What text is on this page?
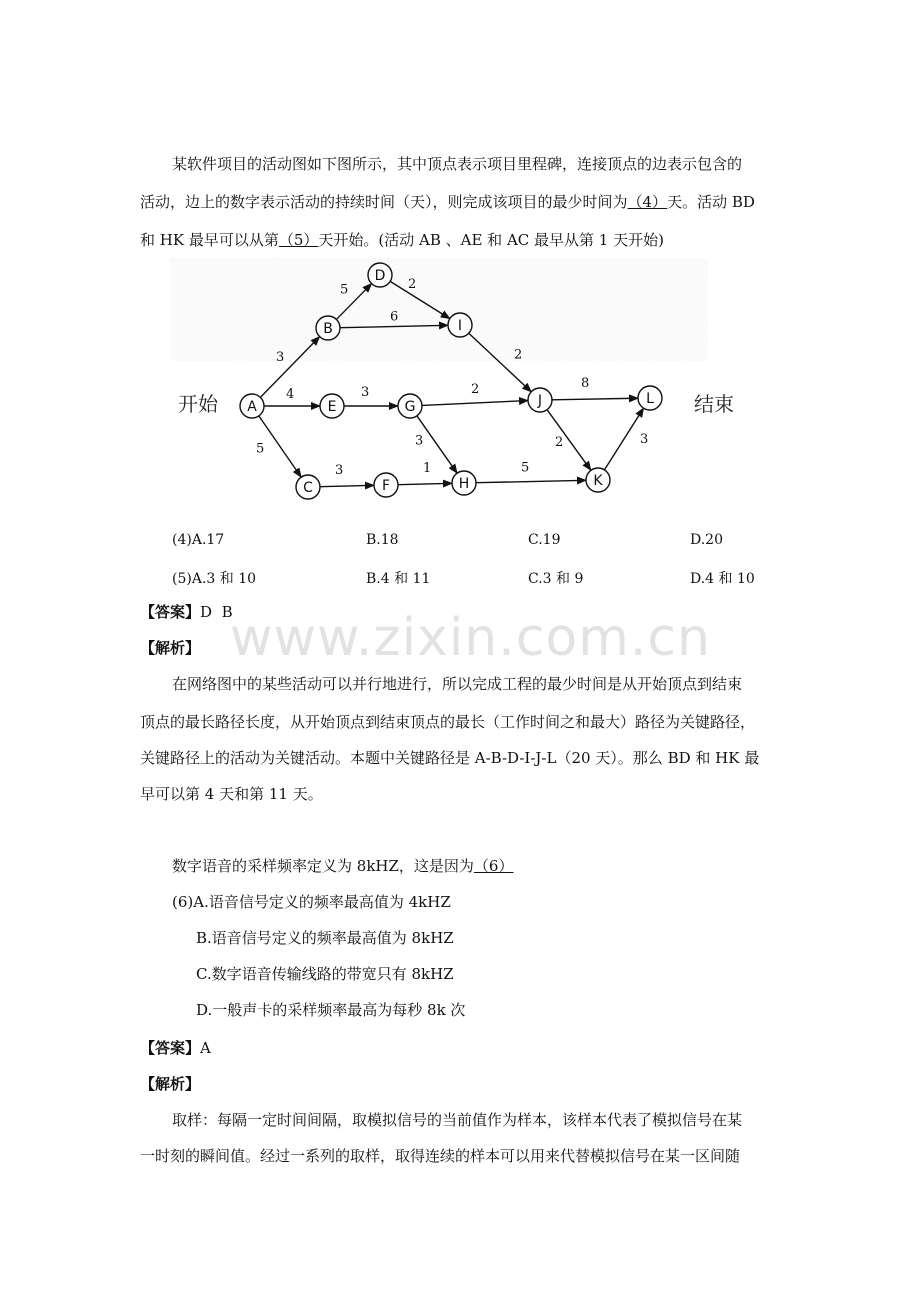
某软件项目的活动图如下图所示，其中顶点表示项目里程碑，连接顶点的边表示包含的
活动，边上的数字表示活动的持续时间（天），则完成该项目的最少时间为（4）天。活动 BD
和 HK 最早可以从第（5）天开始。(活动 AB 、AE 和 AC 最早从第 1 天开始)
开始	结束
3
4
5
5
6
2
3	2
3
3	1	5
2
8
2	3
A
B
C
D
E
F
G
H
I
J
K
L
(4)A.17	B.18	C.19	D.20
(5)A.3 和 10	B.4 和 11	C.3 和 9	D.4 和 10
www.zixin.com.cn
【答案】D  B
【解析】
在网络图中的某些活动可以并行地进行，所以完成工程的最少时间是从开始顶点到结束
顶点的最长路径长度，从开始顶点到结束顶点的最长（工作时间之和最大）路径为关键路径，
关键路径上的活动为关键活动。本题中关键路径是 A-B-D-I-J-L（20 天）。那么 BD 和 HK 最
早可以第 4 天和第 11 天。
数字语音的采样频率定义为 8kHZ，这是因为（6）
(6)A.语音信号定义的频率最高值为 4kHZ
B.语音信号定义的频率最高值为 8kHZ
C.数字语音传输线路的带宽只有 8kHZ
D.一般声卡的采样频率最高为每秒 8k 次
【答案】A
【解析】
取样：每隔一定时间间隔，取模拟信号的当前值作为样本，该样本代表了模拟信号在某
一时刻的瞬间值。经过一系列的取样，取得连续的样本可以用来代替模拟信号在某一区间随
